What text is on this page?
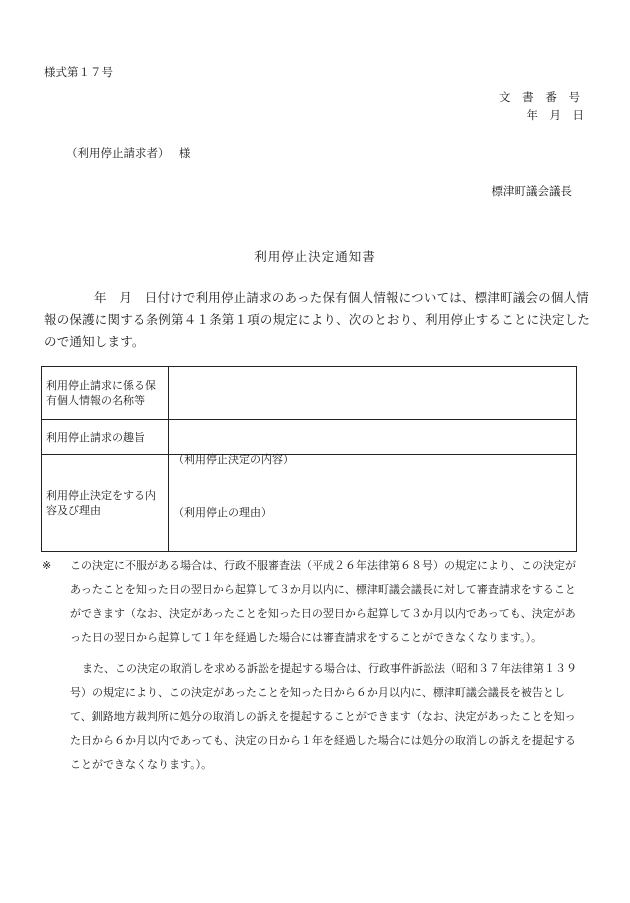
様式第１７号
文 書 番 号
年　月　日
（利用停止請求者）　 様
標津町議会議長
利用停止決定通知書
年　月　日付けで利用停止請求のあった保有個人情報については、標津町議会の個人情報の保護に関する条例第４１条第１項の規定により、次のとおり、利用停止することに決定したので通知します。
利用停止請求に係る保有個人情報の名称等	
利用停止請求の趣旨	
利用停止決定をする内容及び理由	（利用停止決定の内容）
（利用停止の理由）

※ この決定に不服がある場合は、行政不服審査法（平成２６年法律第６８号）の規定により、この決定があったことを知った日の翌日から起算して３か月以内に、標津町議会議長に対して審査請求をすることができます（なお、決定があったことを知った日の翌日から起算して３か月以内であっても、決定があった日の翌日から起算して１年を経過した場合には審査請求をすることができなくなります。）。

また、この決定の取消しを求める訴訟を提起する場合は、行政事件訴訟法（昭和３７年法律第１３９号）の規定により、この決定があったことを知った日から６か月以内に、標津町議会議長を被告として、釧路地方裁判所に処分の取消しの訴えを提起することができます（なお、決定があったことを知った日から６か月以内であっても、決定の日から１年を経過した場合には処分の取消しの訴えを提起することができなくなります。）。
